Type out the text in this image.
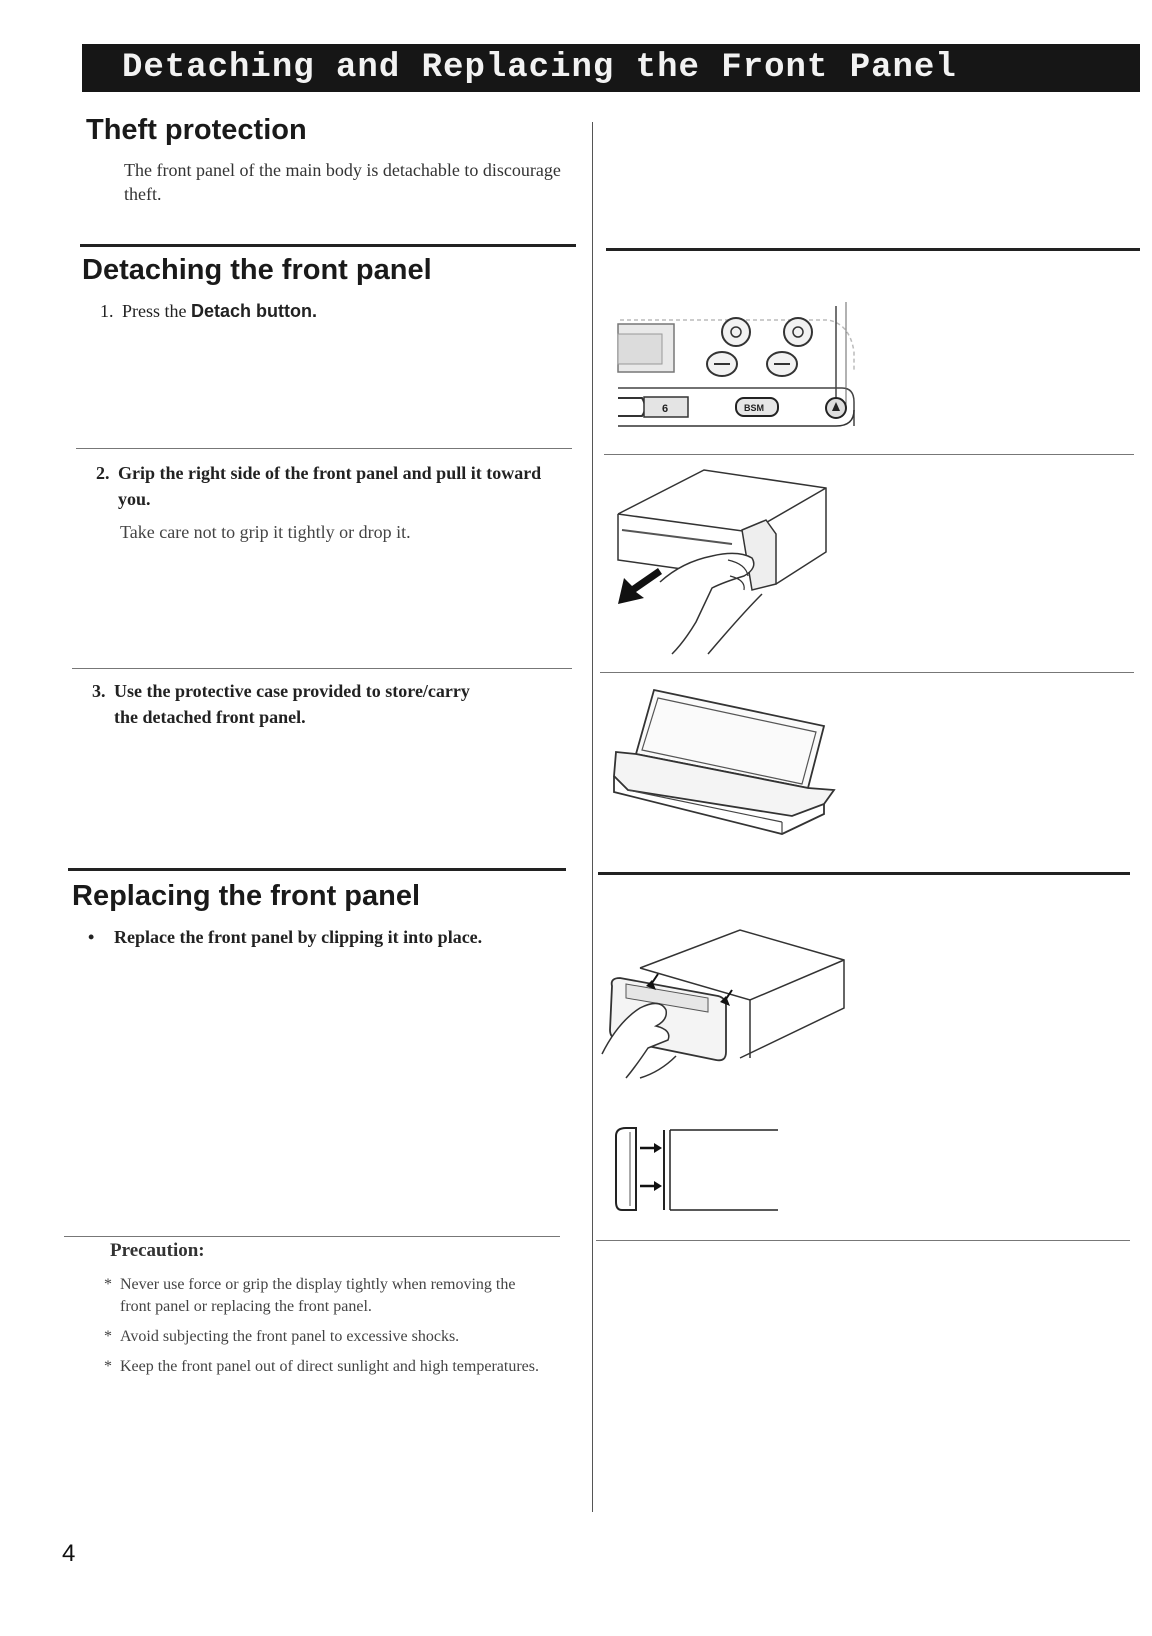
Detaching and Replacing the Front Panel
Theft protection
The front panel of the main body is detachable to discourage theft.
Detaching the front panel
1. Press the Detach button.
6	BSM
2. Grip the right side of the front panel and pull it toward you.
Take care not to grip it tightly or drop it.
3. Use the protective case provided to store/carry the detached front panel.
Replacing the front panel
•	Replace the front panel by clipping it into place.
Precaution:
* Never use force or grip the display tightly when removing the front panel or replacing the front panel.
* Avoid subjecting the front panel to excessive shocks.
* Keep the front panel out of direct sunlight and high temperatures.
4
